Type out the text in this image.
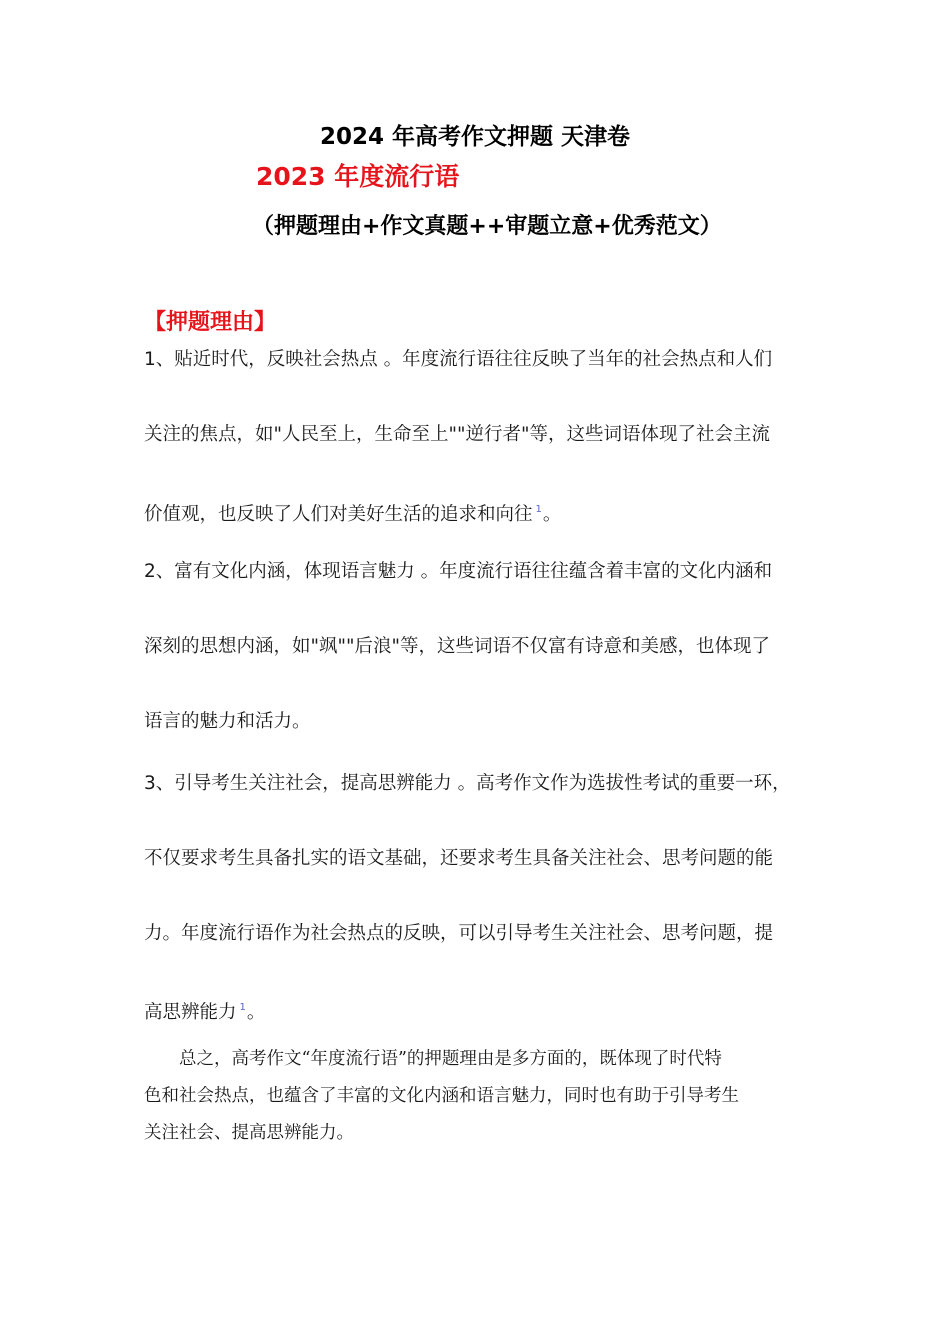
2024 年高考作文押题 天津卷
2023 年度流行语
（押题理由+作文真题++审题立意+优秀范文）
【押题理由】
1、贴近时代，反映社会热点 。年度流行语往往反映了当年的社会热点和人们
关注的焦点，如"人民至上，生命至上""逆行者"等，这些词语体现了社会主流
价值观，也反映了人们对美好生活的追求和向往 $^1$。
2、富有文化内涵，体现语言魅力 。年度流行语往往蕴含着丰富的文化内涵和
深刻的思想内涵，如"飒""后浪"等，这些词语不仅富有诗意和美感，也体现了
语言的魅力和活力。
3、引导考生关注社会，提高思辨能力 。高考作文作为选拔性考试的重要一环，
不仅要求考生具备扎实的语文基础，还要求考生具备关注社会、思考问题的能
力。年度流行语作为社会热点的反映，可以引导考生关注社会、思考问题，提
高思辨能力 $^1$。
　　总之，高考作文“年度流行语”的押题理由是多方面的，既体现了时代特
色和社会热点，也蕴含了丰富的文化内涵和语言魅力，同时也有助于引导考生
关注社会、提高思辨能力。
